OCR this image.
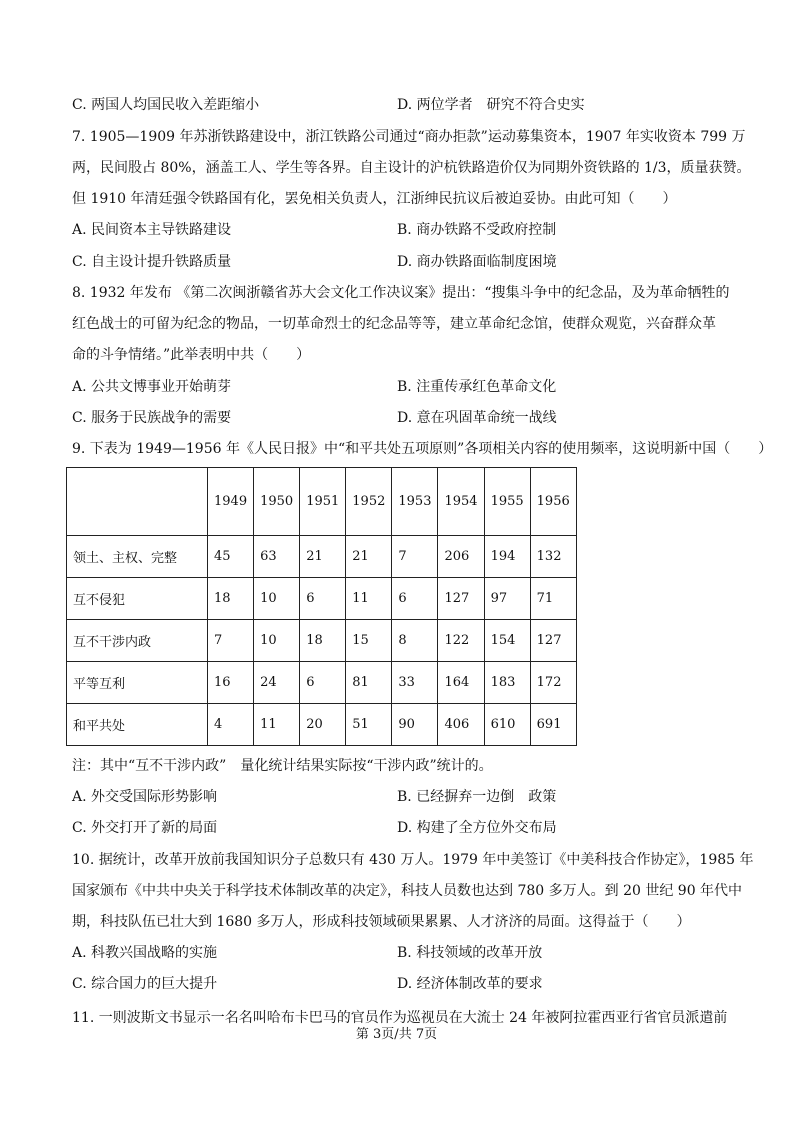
C. 两国人均国民收入差距缩小	D. 两位学者　研究不符合史实
7. 1905—1909 年苏浙铁路建设中，浙江铁路公司通过“商办拒款”运动募集资本，1907 年实收资本 799 万
两，民间股占 80%，涵盖工人、学生等各界。自主设计的沪杭铁路造价仅为同期外资铁路的 1/3，质量获赞。
但 1910 年清廷强令铁路国有化，罢免相关负责人，江浙绅民抗议后被迫妥协。由此可知（　　）
A. 民间资本主导铁路建设	B. 商办铁路不受政府控制
C. 自主设计提升铁路质量	D. 商办铁路面临制度困境
8. 1932 年发布 《第二次闽浙赣省苏大会文化工作决议案》提出：“搜集斗争中的纪念品，及为革命牺牲的
红色战士的可留为纪念的物品，一切革命烈士的纪念品等等，建立革命纪念馆，使群众观览，兴奋群众革
命的斗争情绪。”此举表明中共（　　）
A. 公共文博事业开始萌芽	B. 注重传承红色革命文化
C. 服务于民族战争的需要	D. 意在巩固革命统一战线
9. 下表为 1949—1956 年《人民日报》中“和平共处五项原则”各项相关内容的使用频率，这说明新中国（　　）
	1949	1950	1951	1952	1953	1954	1955	1956
领土、主权、完整	45	63	21	21	7	206	194	132
互不侵犯	18	10	6	11	6	127	97	71
互不干涉内政	7	10	18	15	8	122	154	127
平等互利	16	24	6	81	33	164	183	172
和平共处	4	11	20	51	90	406	610	691
注：其中“互不干涉内政”　量化统计结果实际按“干涉内政”统计的。
A. 外交受国际形势影响	B. 已经摒弃一边倒　政策
C. 外交打开了新的局面	D. 构建了全方位外交布局
10. 据统计，改革开放前我国知识分子总数只有 430 万人。1979 年中美签订《中美科技合作协定》，1985 年
国家颁布《中共中央关于科学技术体制改革的决定》，科技人员数也达到 780 多万人。到 20 世纪 90 年代中
期，科技队伍已壮大到 1680 多万人，形成科技领域硕果累累、人才济济的局面。这得益于（　　）
A. 科教兴国战略的实施	B. 科技领域的改革开放
C. 综合国力的巨大提升	D. 经济体制改革的要求
11. 一则波斯文书显示一名名叫哈布卡巴马的官员作为巡视员在大流士 24 年被阿拉霍西亚行省官员派遣前
第 3页/共 7页
